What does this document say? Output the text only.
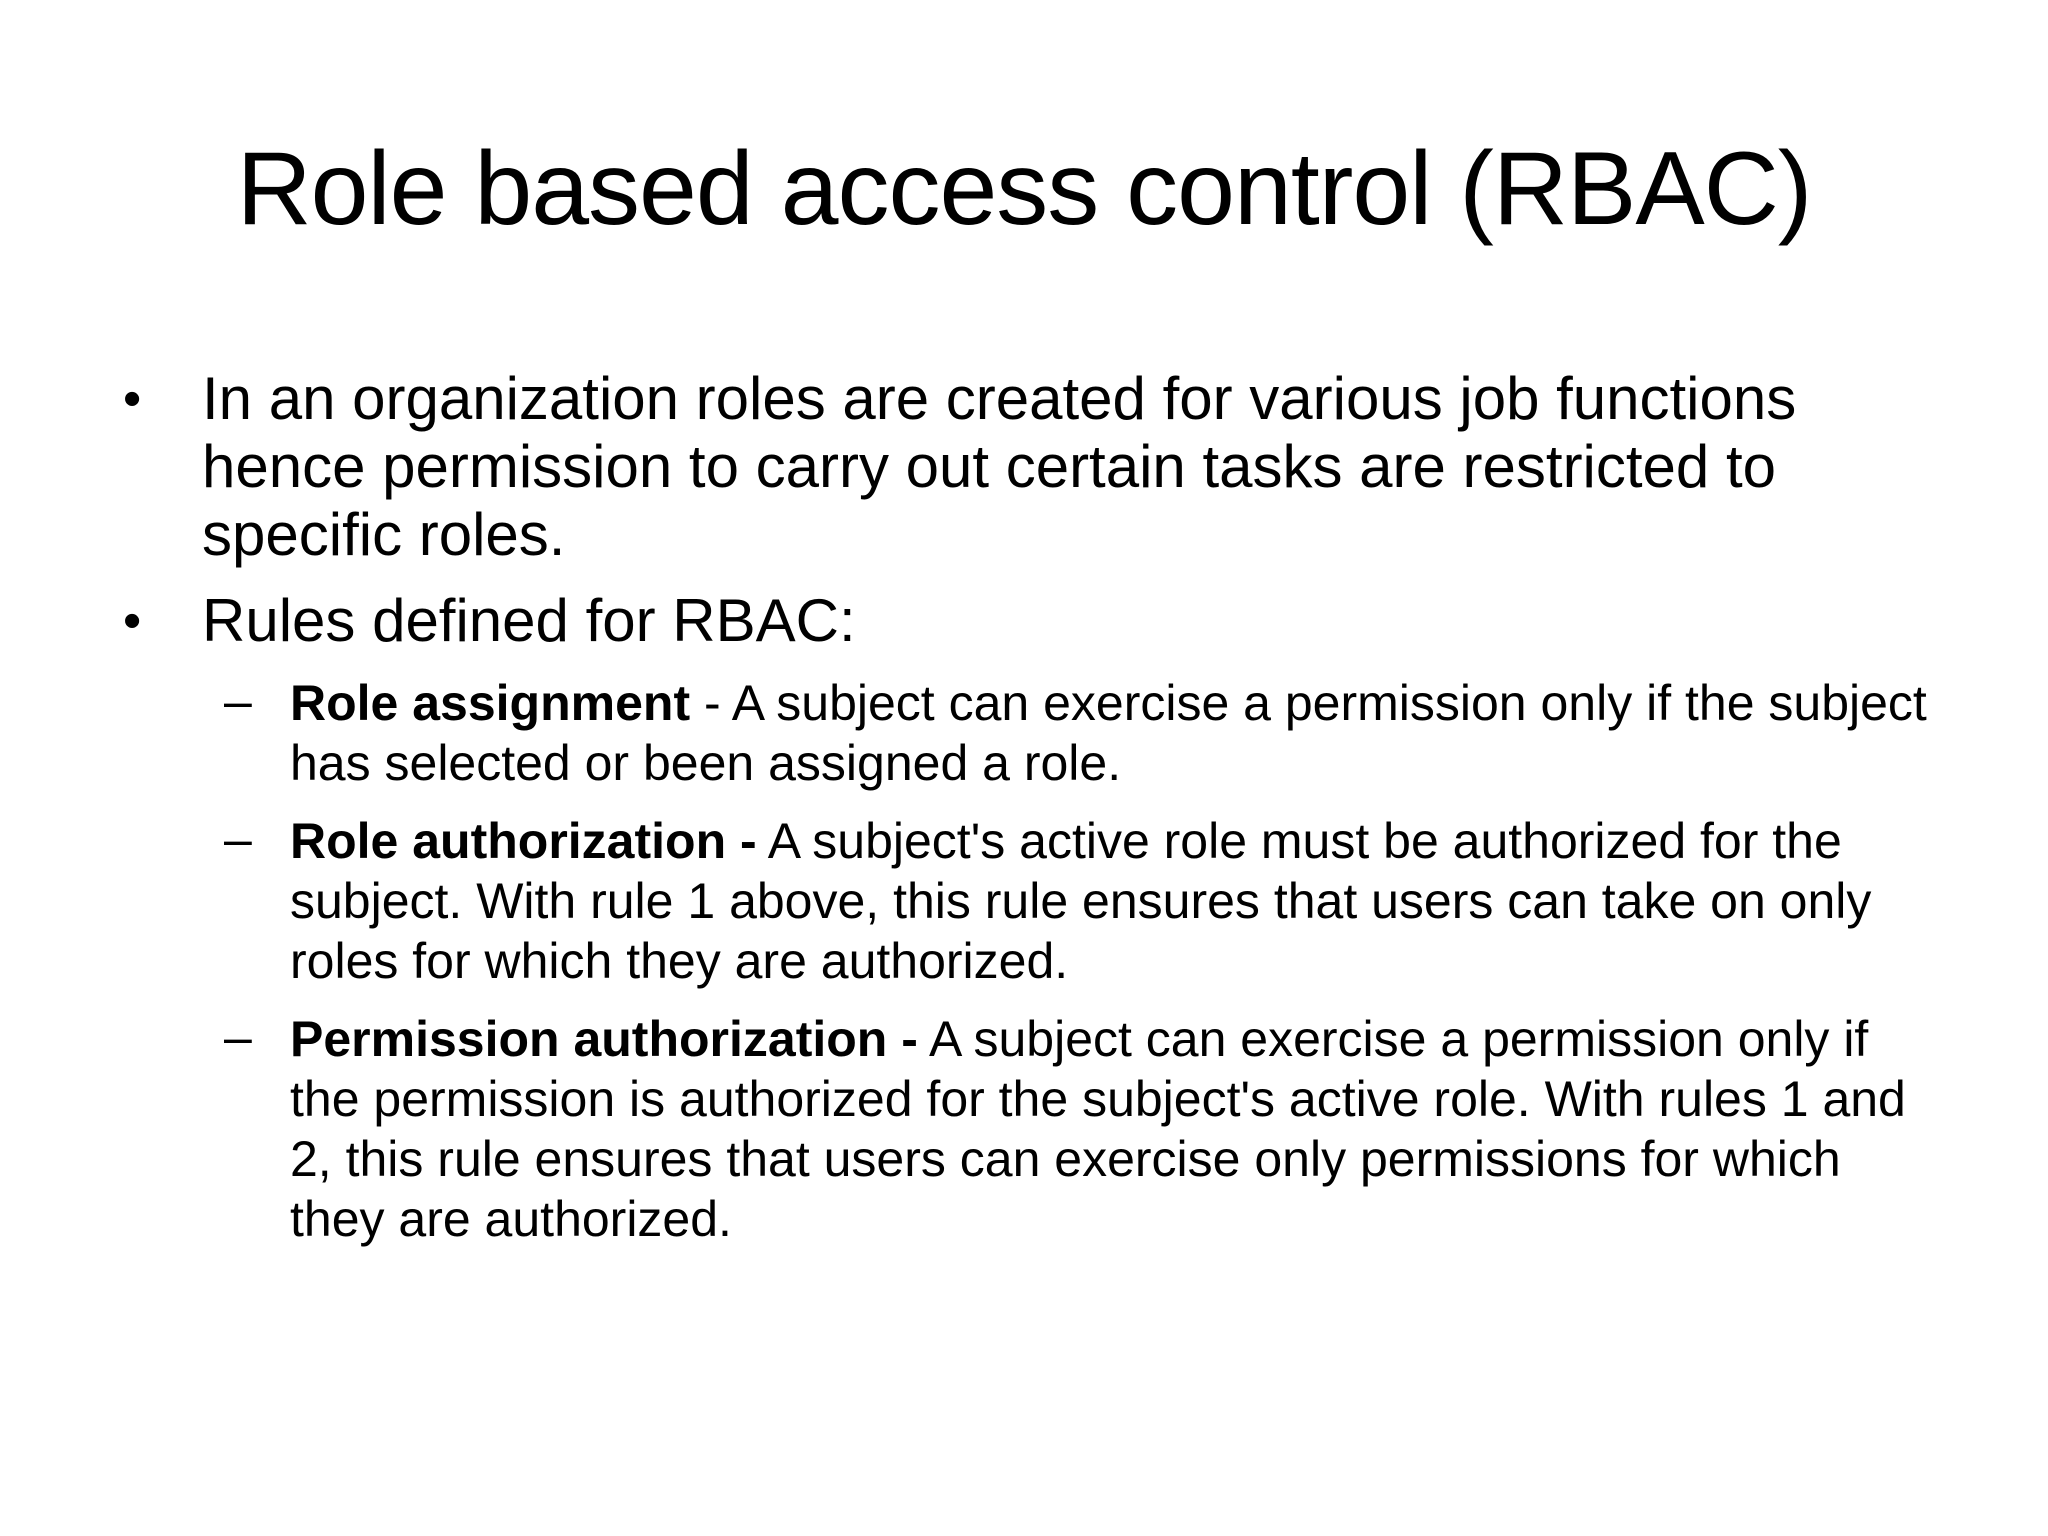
Role based access control (RBAC)
• In an organization roles are created for various job functions hence permission to carry out certain tasks are restricted to specific roles.
• Rules defined for RBAC:
– Role assignment - A subject can exercise a permission only if the subject has selected or been assigned a role.
– Role authorization - A subject's active role must be authorized for the subject. With rule 1 above, this rule ensures that users can take on only roles for which they are authorized.
– Permission authorization - A subject can exercise a permission only if the permission is authorized for the subject's active role. With rules 1 and 2, this rule ensures that users can exercise only permissions for which they are authorized.
